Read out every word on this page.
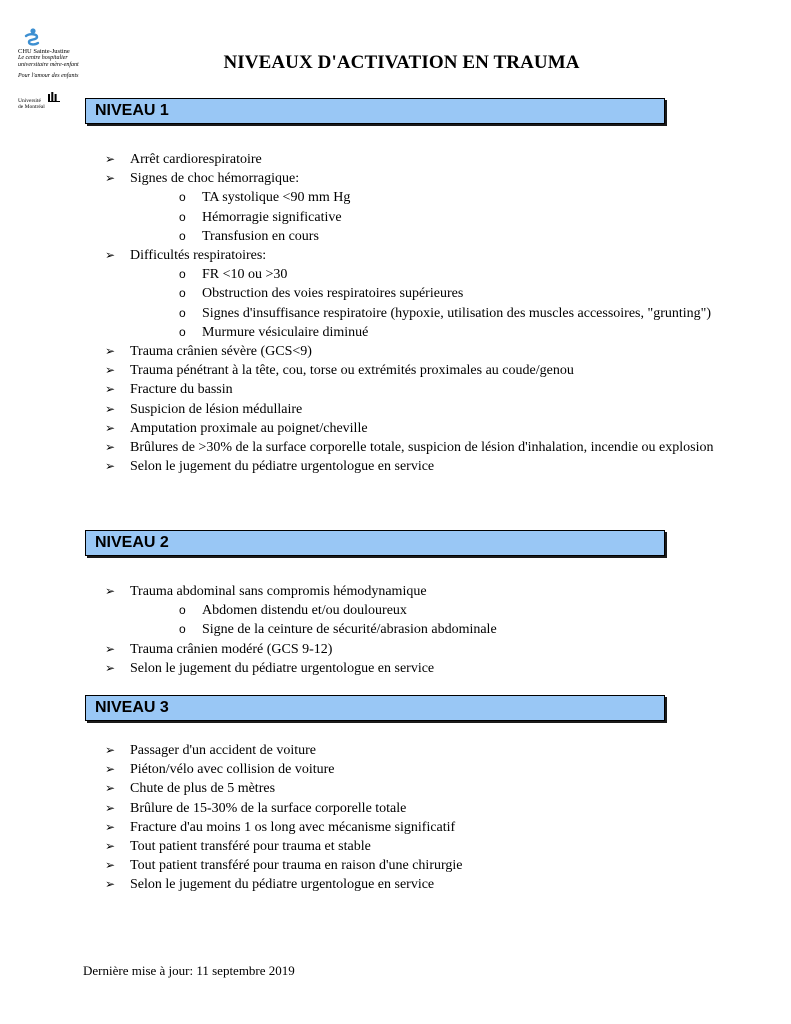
CHU Sainte-Justine
Le centre hospitalier
universitaire mère-enfant
Pour l'amour des enfants
Université
de Montréal
NIVEAUX D'ACTIVATION EN TRAUMA
NIVEAU 1
➢ Arrêt cardiorespiratoire
➢ Signes de choc hémorragique:
o TA systolique <90 mm Hg
o Hémorragie significative
o Transfusion en cours
➢ Difficultés respiratoires:
o FR <10 ou >30
o Obstruction des voies respiratoires supérieures
o Signes d'insuffisance respiratoire (hypoxie, utilisation des muscles accessoires, "grunting")
o Murmure vésiculaire diminué
➢ Trauma crânien sévère (GCS<9)
➢ Trauma pénétrant à la tête, cou, torse ou extrémités proximales au coude/genou
➢ Fracture du bassin
➢ Suspicion de lésion médullaire
➢ Amputation proximale au poignet/cheville
➢ Brûlures de >30% de la surface corporelle totale, suspicion de lésion d'inhalation, incendie ou explosion
➢ Selon le jugement du pédiatre urgentologue en service
NIVEAU 2
➢ Trauma abdominal sans compromis hémodynamique
o Abdomen distendu et/ou douloureux
o Signe de la ceinture de sécurité/abrasion abdominale
➢ Trauma crânien modéré (GCS 9-12)
➢ Selon le jugement du pédiatre urgentologue en service
NIVEAU 3
➢ Passager d'un accident de voiture
➢ Piéton/vélo avec collision de voiture
➢ Chute de plus de 5 mètres
➢ Brûlure de 15-30% de la surface corporelle totale
➢ Fracture d'au moins 1 os long avec mécanisme significatif
➢ Tout patient transféré pour trauma et stable
➢ Tout patient transféré pour trauma en raison d'une chirurgie
➢ Selon le jugement du pédiatre urgentologue en service
Dernière mise à jour: 11 septembre 2019
